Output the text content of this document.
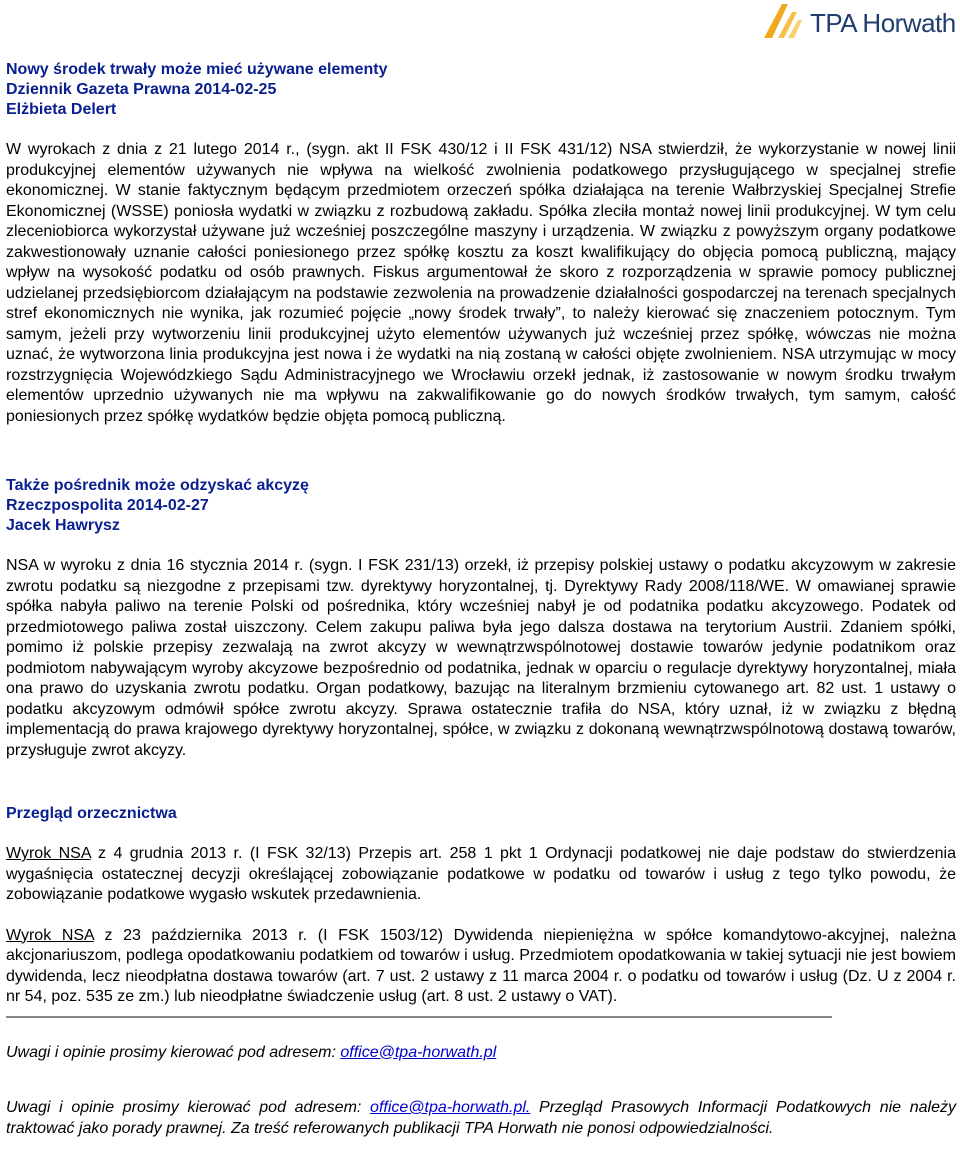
TPA Horwath
Nowy środek trwały może mieć używane elementy
Dziennik Gazeta Prawna 2014-02-25
Elżbieta Delert

W wyrokach z dnia z 21 lutego 2014 r., (sygn. akt II FSK 430/12 i II FSK 431/12) NSA stwierdził, że wykorzystanie w nowej linii produkcyjnej elementów używanych nie wpływa na wielkość zwolnienia podatkowego przysługującego w specjalnej strefie ekonomicznej. W stanie faktycznym będącym przedmiotem orzeczeń spółka działająca na terenie Wałbrzyskiej Specjalnej Strefie Ekonomicznej (WSSE) poniosła wydatki w związku z rozbudową zakładu. Spółka zleciła montaż nowej linii produkcyjnej. W tym celu zleceniobiorca wykorzystał używane już wcześniej poszczególne maszyny i urządzenia. W związku z powyższym organy podatkowe zakwestionowały uznanie całości poniesionego przez spółkę kosztu za koszt kwalifikujący do objęcia pomocą publiczną, mający wpływ na wysokość podatku od osób prawnych. Fiskus argumentował że skoro z rozporządzenia w sprawie pomocy publicznej udzielanej przedsiębiorcom działającym na podstawie zezwolenia na prowadzenie działalności gospodarczej na terenach specjalnych stref ekonomicznych nie wynika, jak rozumieć pojęcie „nowy środek trwały”, to należy kierować się znaczeniem potocznym. Tym samym, jeżeli przy wytworzeniu linii produkcyjnej użyto elementów używanych już wcześniej przez spółkę, wówczas nie można uznać, że wytworzona linia produkcyjna jest nowa i że wydatki na nią zostaną w całości objęte zwolnieniem. NSA utrzymując w mocy rozstrzygnięcia Wojewódzkiego Sądu Administracyjnego we Wrocławiu orzekł jednak, iż zastosowanie w nowym środku trwałym elementów uprzednio używanych nie ma wpływu na zakwalifikowanie go do nowych środków trwałych, tym samym, całość poniesionych przez spółkę wydatków będzie objęta pomocą publiczną.

Także pośrednik może odzyskać akcyzę
Rzeczpospolita 2014-02-27
Jacek Hawrysz

NSA w wyroku z dnia 16 stycznia 2014 r. (sygn. I FSK 231/13) orzekł, iż przepisy polskiej ustawy o podatku akcyzowym w zakresie zwrotu podatku są niezgodne z przepisami tzw. dyrektywy horyzontalnej, tj. Dyrektywy Rady 2008/118/WE. W omawianej sprawie spółka nabyła paliwo na terenie Polski od pośrednika, który wcześniej nabył je od podatnika podatku akcyzowego. Podatek od przedmiotowego paliwa został uiszczony. Celem zakupu paliwa była jego dalsza dostawa na terytorium Austrii. Zdaniem spółki, pomimo iż polskie przepisy zezwalają na zwrot akcyzy w wewnątrzwspólnotowej dostawie towarów jedynie podatnikom oraz podmiotom nabywającym wyroby akcyzowe bezpośrednio od podatnika, jednak w oparciu o regulacje dyrektywy horyzontalnej, miała ona prawo do uzyskania zwrotu podatku. Organ podatkowy, bazując na literalnym brzmieniu cytowanego art. 82 ust. 1 ustawy o podatku akcyzowym odmówił spółce zwrotu akcyzy. Sprawa ostatecznie trafiła do NSA, który uznał, iż w związku z błędną implementacją do prawa krajowego dyrektywy horyzontalnej, spółce, w związku z dokonaną wewnątrzwspólnotową dostawą towarów, przysługuje zwrot akcyzy.

Przegląd orzecznictwa

Wyrok NSA z 4 grudnia 2013 r. (I FSK 32/13) Przepis art. 258 1 pkt 1 Ordynacji podatkowej nie daje podstaw do stwierdzenia wygaśnięcia ostatecznej decyzji określającej zobowiązanie podatkowe w podatku od towarów i usług z tego tylko powodu, że zobowiązanie podatkowe wygasło wskutek przedawnienia.

Wyrok NSA z 23 października 2013 r. (I FSK 1503/12) Dywidenda niepieniężna w spółce komandytowo-akcyjnej, należna akcjonariuszom, podlega opodatkowaniu podatkiem od towarów i usług. Przedmiotem opodatkowania w takiej sytuacji nie jest bowiem dywidenda, lecz nieodpłatna dostawa towarów (art. 7 ust. 2 ustawy z 11 marca 2004 r. o podatku od towarów i usług (Dz. U z 2004 r. nr 54, poz. 535 ze zm.) lub nieodpłatne świadczenie usług (art. 8 ust. 2 ustawy o VAT).

Uwagi i opinie prosimy kierować pod adresem: office@tpa-horwath.pl

Uwagi i opinie prosimy kierować pod adresem: office@tpa-horwath.pl. Przegląd Prasowych Informacji Podatkowych nie należy traktować jako porady prawnej. Za treść referowanych publikacji TPA Horwath nie ponosi odpowiedzialności.
